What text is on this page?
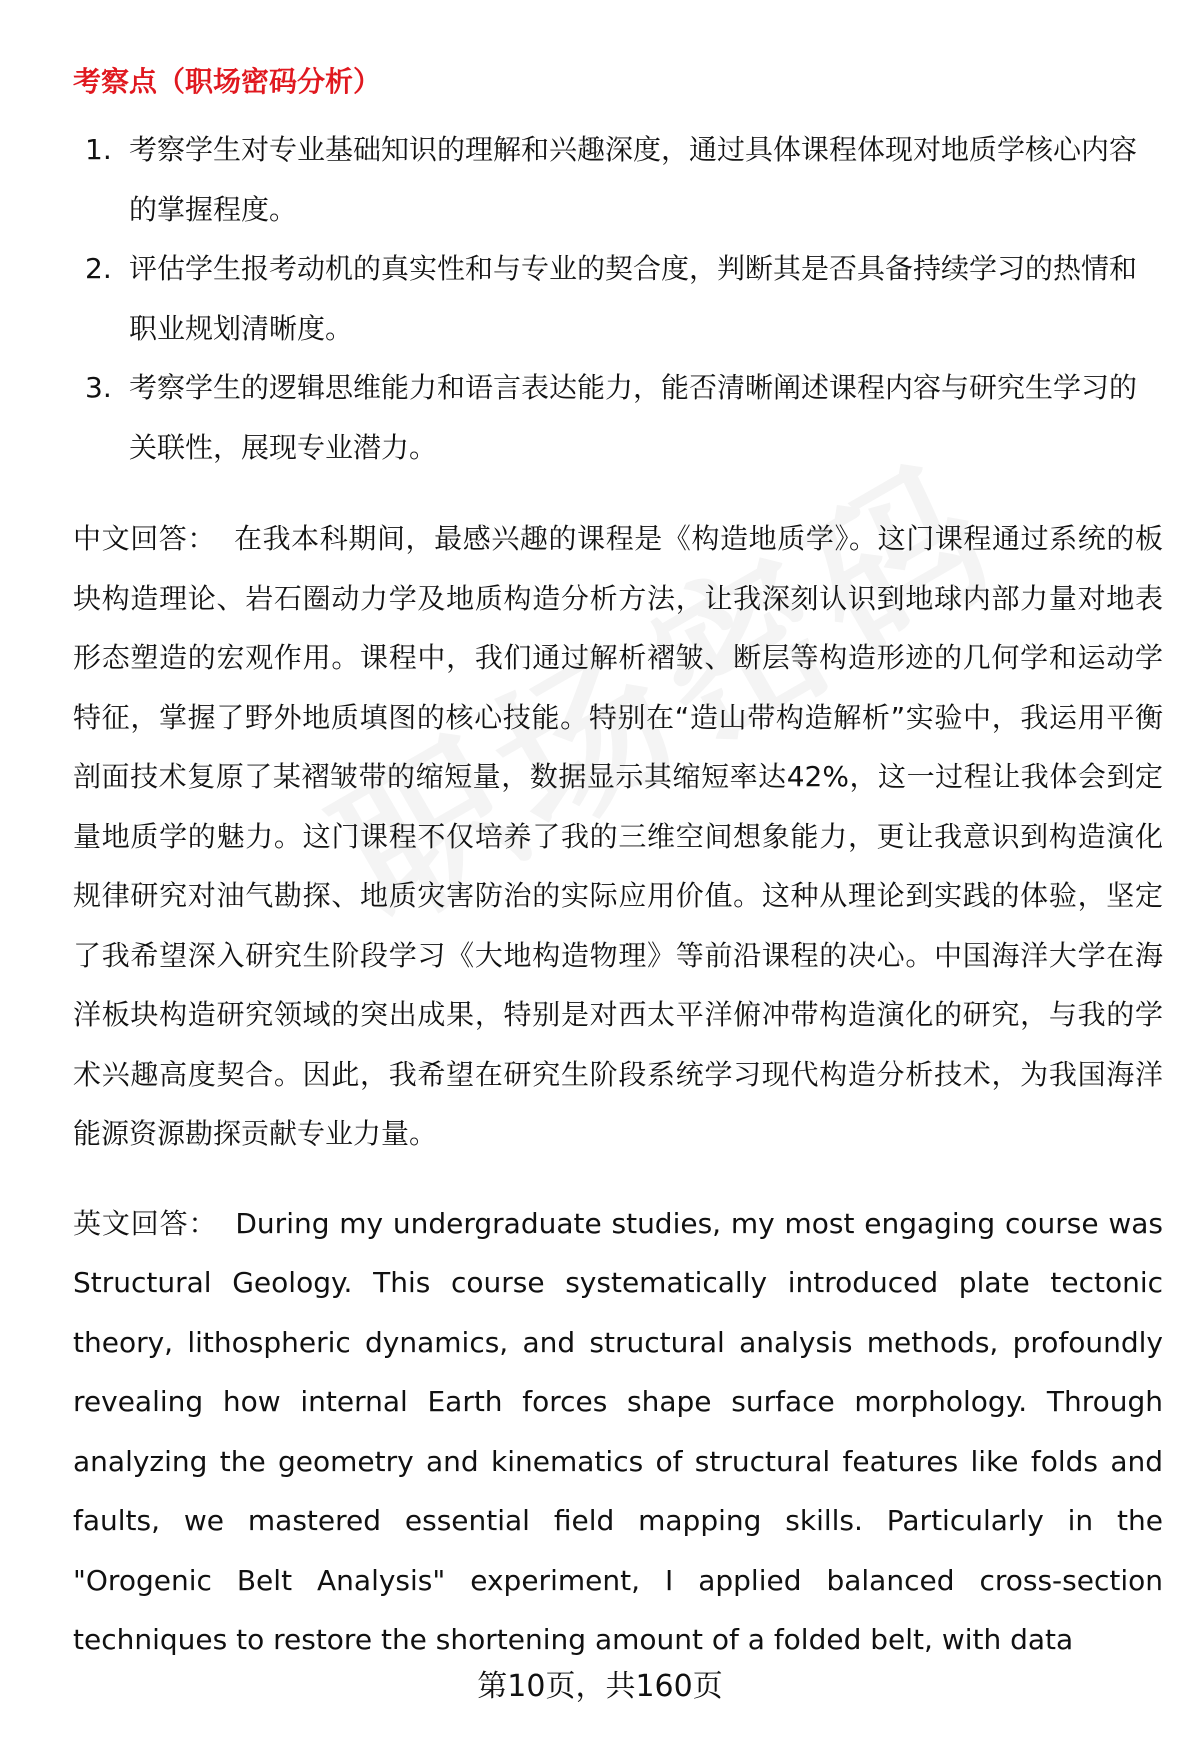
考察点（职场密码分析）
1. 考察学生对专业基础知识的理解和兴趣深度，通过具体课程体现对地质学核心内容的掌握程度。
2. 评估学生报考动机的真实性和与专业的契合度，判断其是否具备持续学习的热情和职业规划清晰度。
3. 考察学生的逻辑思维能力和语言表达能力，能否清晰阐述课程内容与研究生学习的关联性，展现专业潜力。

中文回答： 在我本科期间，最感兴趣的课程是《构造地质学》。这门课程通过系统的板块构造理论、岩石圈动力学及地质构造分析方法，让我深刻认识到地球内部力量对地表形态塑造的宏观作用。课程中，我们通过解析褶皱、断层等构造形迹的几何学和运动学特征，掌握了野外地质填图的核心技能。特别在“造山带构造解析”实验中，我运用平衡剖面技术复原了某褶皱带的缩短量，数据显示其缩短率达42%，这一过程让我体会到定量地质学的魅力。这门课程不仅培养了我的三维空间想象能力，更让我意识到构造演化规律研究对油气勘探、地质灾害防治的实际应用价值。这种从理论到实践的体验，坚定了我希望深入研究生阶段学习《大地构造物理》等前沿课程的决心。中国海洋大学在海洋板块构造研究领域的突出成果，特别是对西太平洋俯冲带构造演化的研究，与我的学术兴趣高度契合。因此，我希望在研究生阶段系统学习现代构造分析技术，为我国海洋能源资源勘探贡献专业力量。

英文回答： During my undergraduate studies, my most engaging course was Structural Geology. This course systematically introduced plate tectonic theory, lithospheric dynamics, and structural analysis methods, profoundly revealing how internal Earth forces shape surface morphology. Through analyzing the geometry and kinematics of structural features like folds and faults, we mastered essential field mapping skills. Particularly in the "Orogenic Belt Analysis" experiment, I applied balanced cross-section techniques to restore the shortening amount of a folded belt, with data

第10页，共160页
